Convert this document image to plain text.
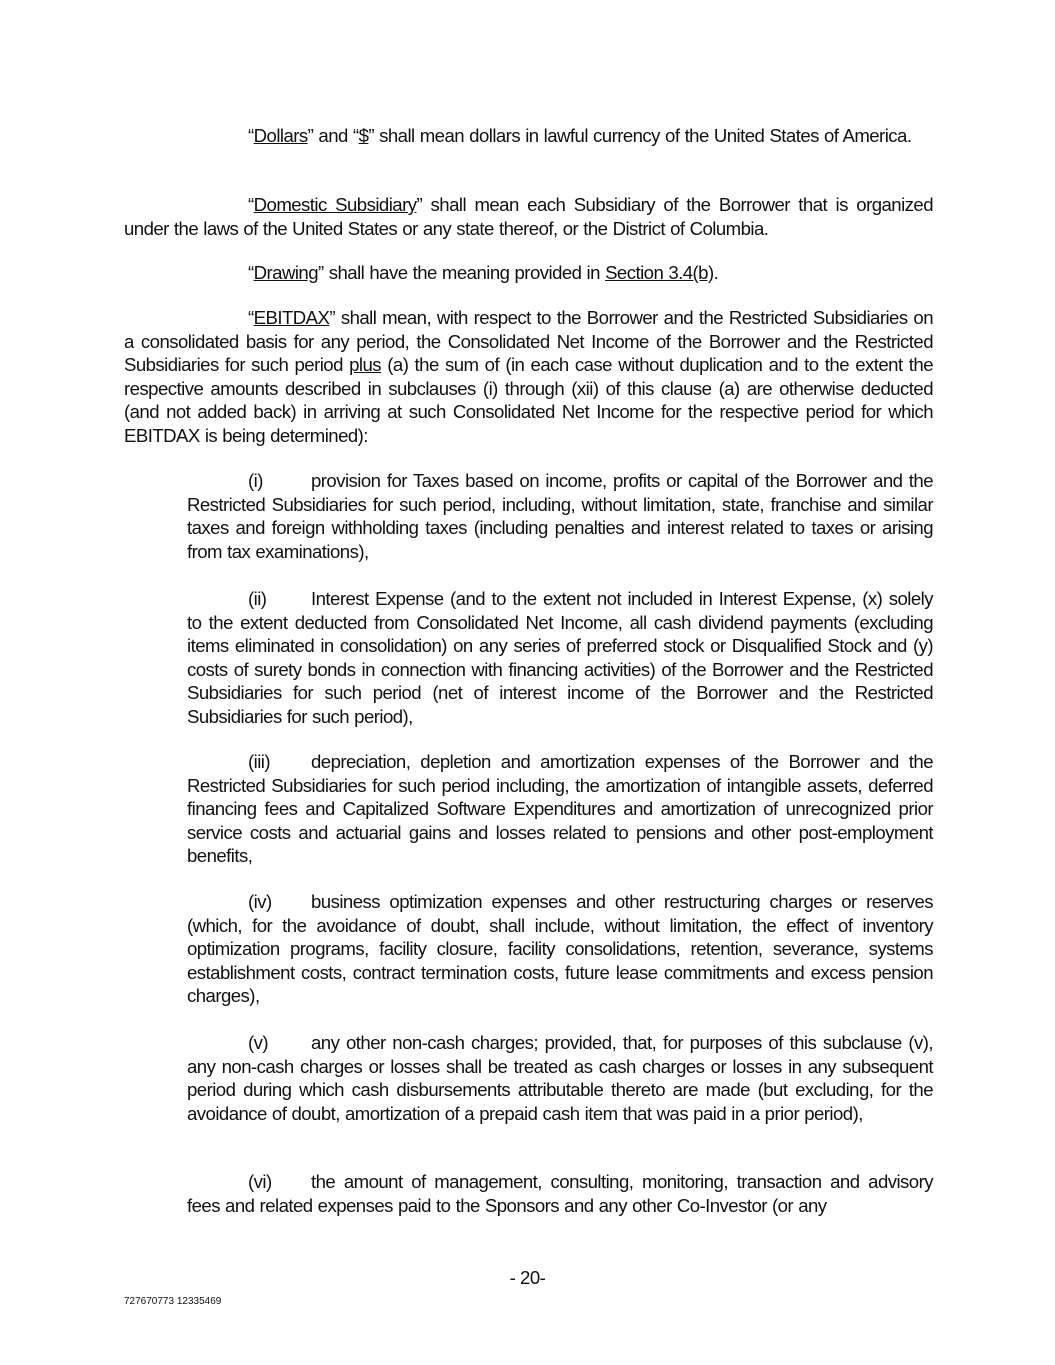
“Dollars” and “$” shall mean dollars in lawful currency of the United States of America.

“Domestic Subsidiary” shall mean each Subsidiary of the Borrower that is organized under the laws of the United States or any state thereof, or the District of Columbia.

“Drawing” shall have the meaning provided in Section 3.4(b).

“EBITDAX” shall mean, with respect to the Borrower and the Restricted Subsidiaries on a consolidated basis for any period, the Consolidated Net Income of the Borrower and the Restricted Subsidiaries for such period plus (a) the sum of (in each case without duplication and to the extent the respective amounts described in subclauses (i) through (xii) of this clause (a) are otherwise deducted (and not added back) in arriving at such Consolidated Net Income for the respective period for which EBITDAX is being determined):

(i)	provision for Taxes based on income, profits or capital of the Borrower and the Restricted Subsidiaries for such period, including, without limitation, state, franchise and similar taxes and foreign withholding taxes (including penalties and interest related to taxes or arising from tax examinations),

(ii) Interest Expense (and to the extent not included in Interest Expense, (x) solely to the extent deducted from Consolidated Net Income, all cash dividend payments (excluding items eliminated in consolidation) on any series of preferred stock or Disqualified Stock and (y) costs of surety bonds in connection with financing activities) of the Borrower and the Restricted Subsidiaries for such period (net of interest income of the Borrower and the Restricted Subsidiaries for such period),

(iii) depreciation, depletion and amortization expenses of the Borrower and the Restricted Subsidiaries for such period including, the amortization of intangible assets, deferred financing fees and Capitalized Software Expenditures and amortization of unrecognized prior service costs and actuarial gains and losses related to pensions and other post-employment benefits,

(iv) business optimization expenses and other restructuring charges or reserves (which, for the avoidance of doubt, shall include, without limitation, the effect of inventory optimization programs, facility closure, facility consolidations, retention, severance, systems establishment costs, contract termination costs, future lease commitments and excess pension charges),

(v) any other non-cash charges; provided, that, for purposes of this subclause (v), any non-cash charges or losses shall be treated as cash charges or losses in any subsequent period during which cash disbursements attributable thereto are made (but excluding, for the avoidance of doubt, amortization of a prepaid cash item that was paid in a prior period),

(vi) the amount of management, consulting, monitoring, transaction and advisory fees and related expenses paid to the Sponsors and any other Co-Investor (or any

- 20-
727670773 12335469
